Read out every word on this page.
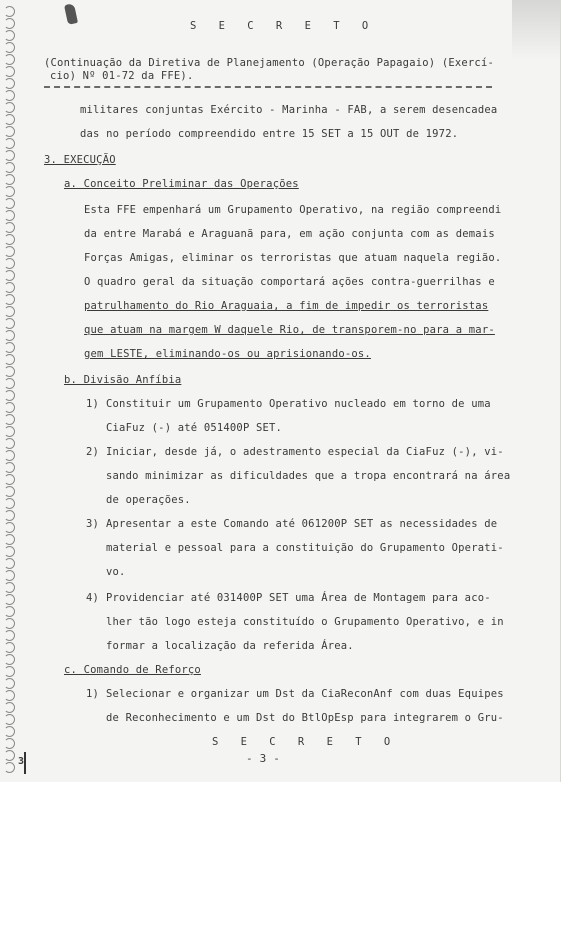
S E C R E T O
(Continuação da Diretiva de Planejamento (Operação Papagaio) (Exercí-
cio) Nº 01-72 da FFE).
militares conjuntas Exército - Marinha - FAB, a serem desencadea
das no período compreendido entre 15 SET a 15 OUT de 1972.
3. EXECUÇÃO
a. Conceito Preliminar das Operações
Esta FFE empenhará um Grupamento Operativo, na região compreendi
da entre Marabá e Araguanã para, em ação conjunta com as demais
Forças Amigas, eliminar os terroristas que atuam naquela região.
O quadro geral da situação comportará ações contra-guerrilhas e
patrulhamento do Rio Araguaia, a fim de impedir os terroristas
que atuam na margem W daquele Rio, de transporem-no para a mar-
gem LESTE, eliminando-os ou aprisionando-os.
b. Divisão Anfíbia
1) Constituir um Grupamento Operativo nucleado em torno de uma
CiaFuz (-) até 051400P SET.
2) Iniciar, desde já, o adestramento especial da CiaFuz (-), vi-
sando minimizar as dificuldades que a tropa encontrará na área
de operações.
3) Apresentar a este Comando até 061200P SET as necessidades de
material e pessoal para a constituição do Grupamento Operati-
vo.
4) Providenciar até 031400P SET uma Área de Montagem para aco-
lher tão logo esteja constituído o Grupamento Operativo, e in
formar a localização da referida Área.
c. Comando de Reforço
1) Selecionar e organizar um Dst da CiaReconAnf com duas Equipes
de Reconhecimento e um Dst do BtlOpEsp para integrarem o Gru-
S E C R E T O
- 3 -
3
